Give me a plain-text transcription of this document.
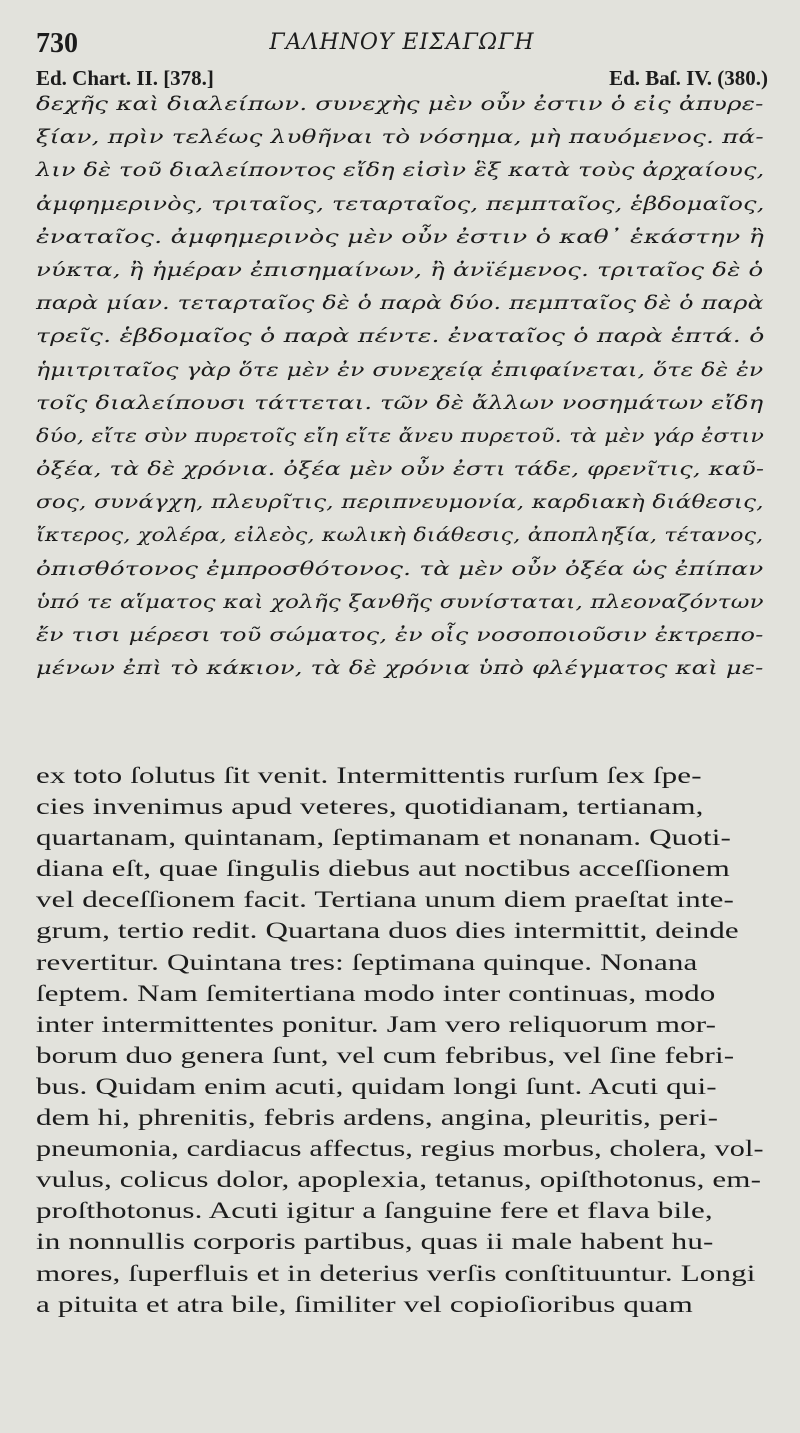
730	ΓΑΛΗΝΟΥ ΕΙΣΑΓΩΓΗ
Ed. Chart. II. [378.]	Ed. Baſ. IV. (380.)
δεχῆς καὶ διαλείπων. συνεχὴς μὲν οὖν ἐστιν ὁ εἰς ἀπυρε-
ξίαν, πρὶν τελέως λυθῆναι τὸ νόσημα, μὴ παυόμενος. πά-
λιν δὲ τοῦ διαλείποντος εἴδη εἰσὶν ἓξ κατὰ τοὺς ἀρχαίους,
ἀμφημερινὸς, τριταῖος, τεταρταῖος, πεμπταῖος, ἑβδομαῖος,
ἐναταῖος. ἀμφημερινὸς μὲν οὖν ἐστιν ὁ καθ᾽ ἑκάστην ἢ
νύκτα, ἢ ἡμέραν ἐπισημαίνων, ἢ ἀνϊέμενος. τριταῖος δὲ ὁ
παρὰ μίαν. τεταρταῖος δὲ ὁ παρὰ δύο. πεμπταῖος δὲ ὁ παρὰ
τρεῖς. ἑβδομαῖος ὁ παρὰ πέντε. ἐναταῖος ὁ παρὰ ἑπτά. ὁ
ἡμιτριταῖος γὰρ ὅτε μὲν ἐν συνεχείᾳ ἐπιφαίνεται, ὅτε δὲ ἐν
τοῖς διαλείπουσι τάττεται. τῶν δὲ ἄλλων νοσημάτων εἴδη
δύο, εἴτε σὺν πυρετοῖς εἴη εἴτε ἄνευ πυρετοῦ. τὰ μὲν γάρ ἐστιν
ὀξέα, τὰ δὲ χρόνια. ὀξέα μὲν οὖν ἐστι τάδε, φρενῖτις, καῦ-
σος, συνάγχη, πλευρῖτις, περιπνευμονία, καρδιακὴ διάθεσις,
ἴκτερος, χολέρα, εἰλεὸς, κωλικὴ διάθεσις, ἀποπληξία, τέτανος,
ὀπισθότονος ἐμπροσθότονος. τὰ μὲν οὖν ὀξέα ὡς ἐπίπαν
ὑπό τε αἵματος καὶ χολῆς ξανθῆς συνίσταται, πλεοναζόντων
ἔν τισι μέρεσι τοῦ σώματος, ἐν οἷς νοσοποιοῦσιν ἐκτρεπο-
μένων ἐπὶ τὸ κάκιον, τὰ δὲ χρόνια ὑπὸ φλέγματος καὶ με-
ex toto ſolutus ſit venit. Intermittentis rurſum ſex ſpe-
cies invenimus apud veteres, quotidianam, tertianam,
quartanam, quintanam, ſeptimanam et nonanam. Quoti-
diana eſt, quae ſingulis diebus aut noctibus acceſſionem
vel deceſſionem facit. Tertiana unum diem praeſtat inte-
grum, tertio redit. Quartana duos dies intermittit, deinde
revertitur. Quintana tres: ſeptimana quinque. Nonana
ſeptem. Nam ſemitertiana modo inter continuas, modo
inter intermittentes ponitur. Jam vero reliquorum mor-
borum duo genera ſunt, vel cum febribus, vel ſine febri-
bus. Quidam enim acuti, quidam longi ſunt. Acuti qui-
dem hi, phrenitis, febris ardens, angina, pleuritis, peri-
pneumonia, cardiacus affectus, regius morbus, cholera, vol-
vulus, colicus dolor, apoplexia, tetanus, opiſthotonus, em-
proſthotonus. Acuti igitur a ſanguine fere et flava bile,
in nonnullis corporis partibus, quas ii male habent hu-
mores, ſuperfluis et in deterius verſis conſtituuntur. Longi
a pituita et atra bile, ſimiliter vel copioſioribus quam
